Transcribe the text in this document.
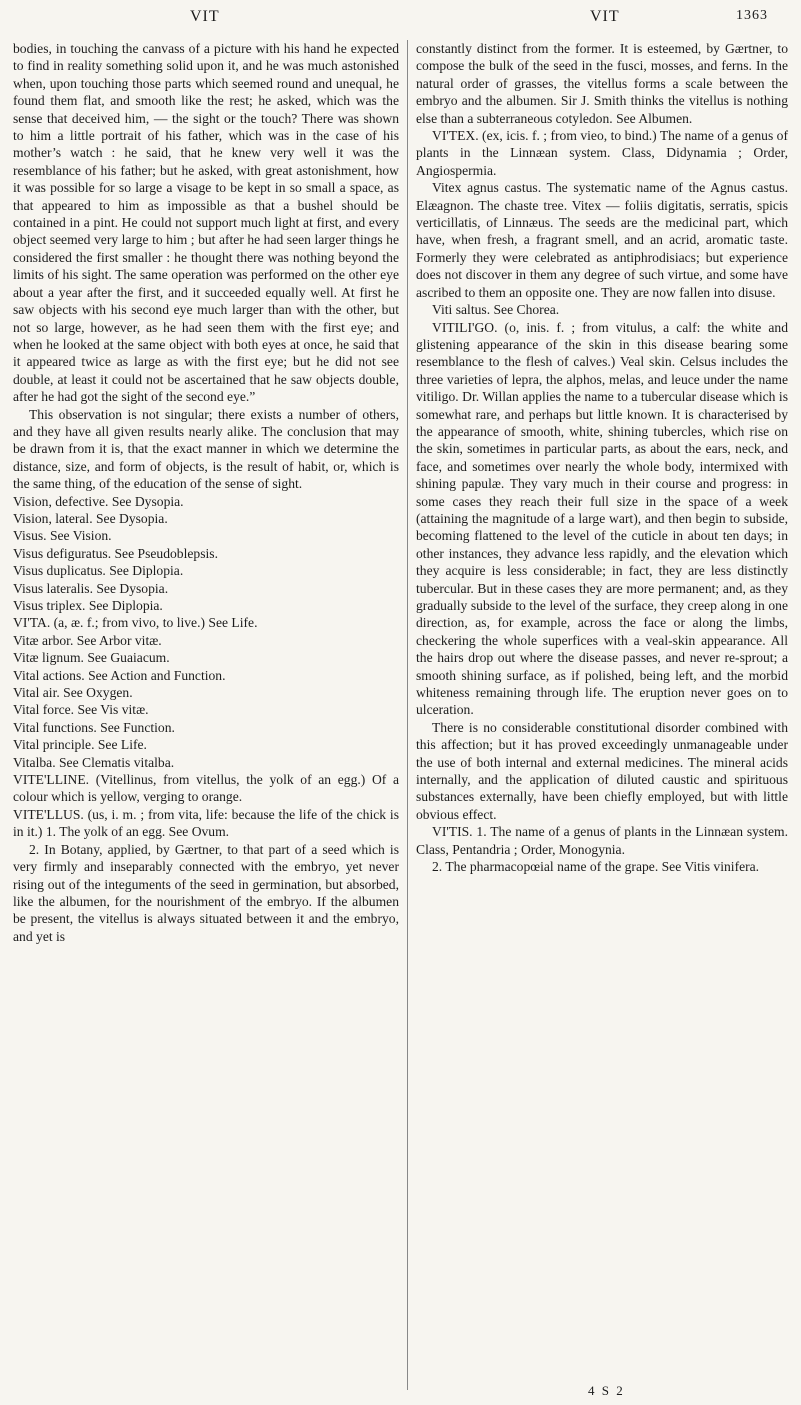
VIT	VIT	1363

bodies, in touching the canvass of a picture with his hand he expected to find in reality something solid upon it, and he was much astonished when, upon touching those parts which seemed round and unequal, he found them flat, and smooth like the rest; he asked, which was the sense that deceived him, — the sight or the touch? There was shown to him a little portrait of his father, which was in the case of his mother’s watch : he said, that he knew very well it was the resemblance of his father; but he asked, with great astonishment, how it was possible for so large a visage to be kept in so small a space, as that appeared to him as impossible as that a bushel should be contained in a pint. He could not support much light at first, and every object seemed very large to him ; but after he had seen larger things he considered the first smaller : he thought there was nothing beyond the limits of his sight. The same operation was performed on the other eye about a year after the first, and it succeeded equally well. At first he saw objects with his second eye much larger than with the other, but not so large, however, as he had seen them with the first eye; and when he looked at the same object with both eyes at once, he said that it appeared twice as large as with the first eye; but he did not see double, at least it could not be ascertained that he saw objects double, after he had got the sight of the second eye.”

This observation is not singular; there exists a number of others, and they have all given results nearly alike. The conclusion that may be drawn from it is, that the exact manner in which we determine the distance, size, and form of objects, is the result of habit, or, which is the same thing, of the education of the sense of sight.

Vision, defective. See Dysopia.

Vision, lateral. See Dysopia.

Visus. See Vision.

Visus defiguratus. See Pseudoblepsis.

Visus duplicatus. See Diplopia.

Visus lateralis. See Dysopia.

Visus triplex. See Diplopia.

VI'TA. (a, æ. f.; from vivo, to live.) See Life.

Vitæ arbor. See Arbor vitæ.

Vitæ lignum. See Guaiacum.

Vital actions. See Action and Function.

Vital air. See Oxygen.

Vital force. See Vis vitæ.

Vital functions. See Function.

Vital principle. See Life.

Vitalba. See Clematis vitalba.

VITE'LLINE. (Vitellinus, from vitellus, the yolk of an egg.) Of a colour which is yellow, verging to orange.

VITE'LLUS. (us, i. m. ; from vita, life: because the life of the chick is in it.) 1. The yolk of an egg. See Ovum.

2. In Botany, applied, by Gærtner, to that part of a seed which is very firmly and inseparably connected with the embryo, yet never rising out of the integuments of the seed in germination, but absorbed, like the albumen, for the nourishment of the embryo. If the albumen be present, the vitellus is always situated between it and the embryo, and yet is

constantly distinct from the former. It is esteemed, by Gærtner, to compose the bulk of the seed in the fusci, mosses, and ferns. In the natural order of grasses, the vitellus forms a scale between the embryo and the albumen. Sir J. Smith thinks the vitellus is nothing else than a subterraneous cotyledon. See Albumen.

VI'TEX. (ex, icis. f. ; from vieo, to bind.) The name of a genus of plants in the Linnæan system. Class, Didynamia ; Order, Angiospermia.

Vitex agnus castus. The systematic name of the Agnus castus. Elæagnon. The chaste tree. Vitex — foliis digitatis, serratis, spicis verticillatis, of Linnæus. The seeds are the medicinal part, which have, when fresh, a fragrant smell, and an acrid, aromatic taste. Formerly they were celebrated as antiphrodisiacs; but experience does not discover in them any degree of such virtue, and some have ascribed to them an opposite one. They are now fallen into disuse.

Viti saltus. See Chorea.

VITILI'GO. (o, inis. f. ; from vitulus, a calf: the white and glistening appearance of the skin in this disease bearing some resemblance to the flesh of calves.) Veal skin. Celsus includes the three varieties of lepra, the alphos, melas, and leuce under the name vitiligo. Dr. Willan applies the name to a tubercular disease which is somewhat rare, and perhaps but little known. It is characterised by the appearance of smooth, white, shining tubercles, which rise on the skin, sometimes in particular parts, as about the ears, neck, and face, and sometimes over nearly the whole body, intermixed with shining papulæ. They vary much in their course and progress: in some cases they reach their full size in the space of a week (attaining the magnitude of a large wart), and then begin to subside, becoming flattened to the level of the cuticle in about ten days; in other instances, they advance less rapidly, and the elevation which they acquire is less considerable; in fact, they are less distinctly tubercular. But in these cases they are more permanent; and, as they gradually subside to the level of the surface, they creep along in one direction, as, for example, across the face or along the limbs, checkering the whole superfices with a veal-skin appearance. All the hairs drop out where the disease passes, and never re-sprout; a smooth shining surface, as if polished, being left, and the morbid whiteness remaining through life. The eruption never goes on to ulceration.

There is no considerable constitutional disorder combined with this affection; but it has proved exceedingly unmanageable under the use of both internal and external medicines. The mineral acids internally, and the application of diluted caustic and spirituous substances externally, have been chiefly employed, but with little obvious effect.

VI'TIS. 1. The name of a genus of plants in the Linnæan system. Class, Pentandria ; Order, Monogynia.

2. The pharmacopœial name of the grape. See Vitis vinifera.

4 S 2
